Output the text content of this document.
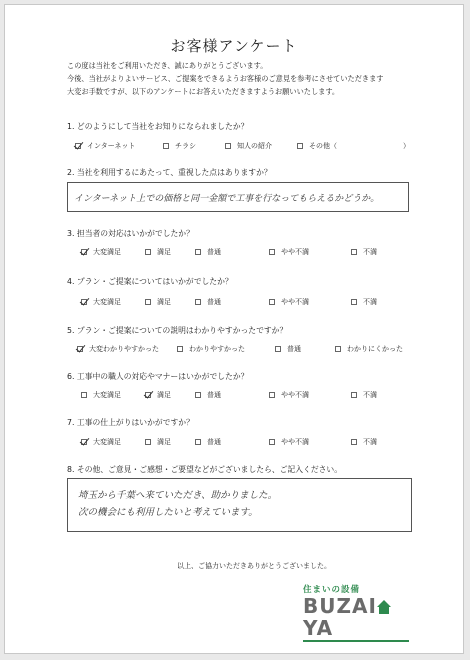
お客様アンケート
この度は当社をご利用いただき、誠にありがとうございます。
今後、当社がよりよいサービス、ご提案をできるようお客様のご意見を参考にさせていただきます
大変お手数ですが、以下のアンケートにお答えいただきますようお願いいたします。
1. どのようにして当社をお知りになられましたか？
インターネット	チラシ	知人の紹介	その他（	）
2. 当社を利用するにあたって、重視した点はありますか？
インターネット上での価格と同一金額で工事を行なってもらえるかどうか。
3. 担当者の対応はいかがでしたか？
大変満足	満足	普通	やや不満	不満
4. プラン・ご提案についてはいかがでしたか？
大変満足	満足	普通	やや不満	不満
5. プラン・ご提案についての説明はわかりやすかったですか？
大変わかりやすかった	わかりやすかった	普通	わかりにくかった
6. 工事中の職人の対応やマナーはいかがでしたか？
大変満足	満足	普通	やや不満	不満
7. 工事の仕上がりはいかがですか？
大変満足	満足	普通	やや不満	不満
8. その他、ご意見・ご感想・ご要望などがございましたら、ご記入ください。
埼玉から千葉へ来ていただき、助かりました。
次の機会にも利用したいと考えています。
以上、ご協力いただきありがとうございました。
住まいの設備
BUZAI
YA
